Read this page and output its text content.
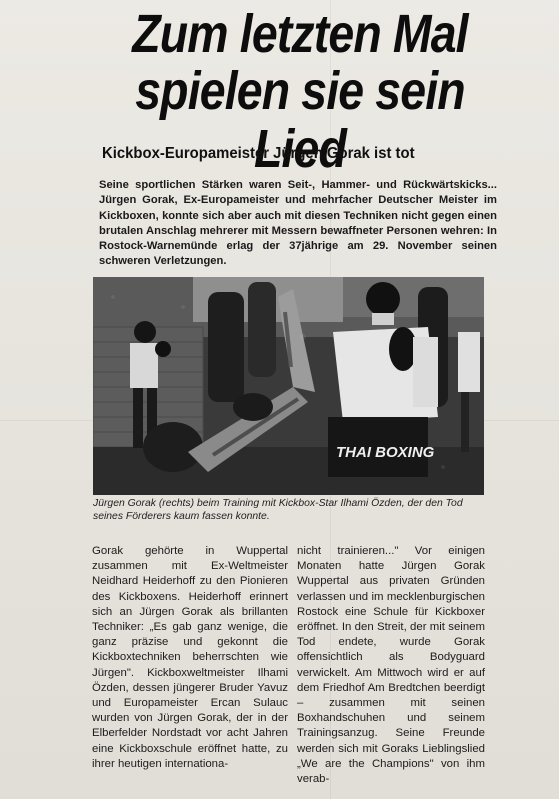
Zum letzten Mal
spielen sie sein Lied
Kickbox-Europameister Jürgen Gorak ist tot
Seine sportlichen Stärken waren Seit-, Hammer- und Rückwärtskicks... Jürgen Gorak, Ex-Europameister und mehrfacher Deutscher Meister im Kickboxen, konnte sich aber auch mit diesen Techniken nicht gegen einen brutalen Anschlag mehrerer mit Messern bewaffneter Personen wehren: In Rostock-Warnemünde erlag der 37jährige am 29. November seinen schweren Verletzungen.
THAI BOXING
Jürgen Gorak (rechts) beim Training mit Kickbox-Star Ilhami Özden, der den Tod seines Förderers kaum fassen konnte.

Gorak gehörte in Wuppertal zusammen mit Ex-Weltmeister Neidhard Heiderhoff zu den Pionieren des Kickboxens. Heiderhoff erinnert sich an Jürgen Gorak als brillanten Techniker: „Es gab ganz wenige, die ganz präzise und gekonnt die Kickboxtechniken beherrschten wie Jürgen". Kickboxweltmeister Ilhami Özden, dessen jüngerer Bruder Yavuz und Europameister Ercan Sulauc wurden von Jürgen Gorak, der in der Elberfelder Nordstadt vor acht Jahren eine Kickboxschule eröffnet hatte, zu ihrer heutigen internationa-

nicht trainieren..." Vor einigen Monaten hatte Jürgen Gorak Wuppertal aus privaten Gründen verlassen und im mecklenburgischen Rostock eine Schule für Kickboxer eröffnet. In den Streit, der mit seinem Tod endete, wurde Gorak offensichtlich als Bodyguard verwickelt. Am Mittwoch wird er auf dem Friedhof Am Bredtchen beerdigt – zusammen mit seinen Boxhandschuhen und seinem Trainingsanzug. Seine Freunde werden sich mit Goraks Lieblingslied „We are the Champions" von ihm verab-
